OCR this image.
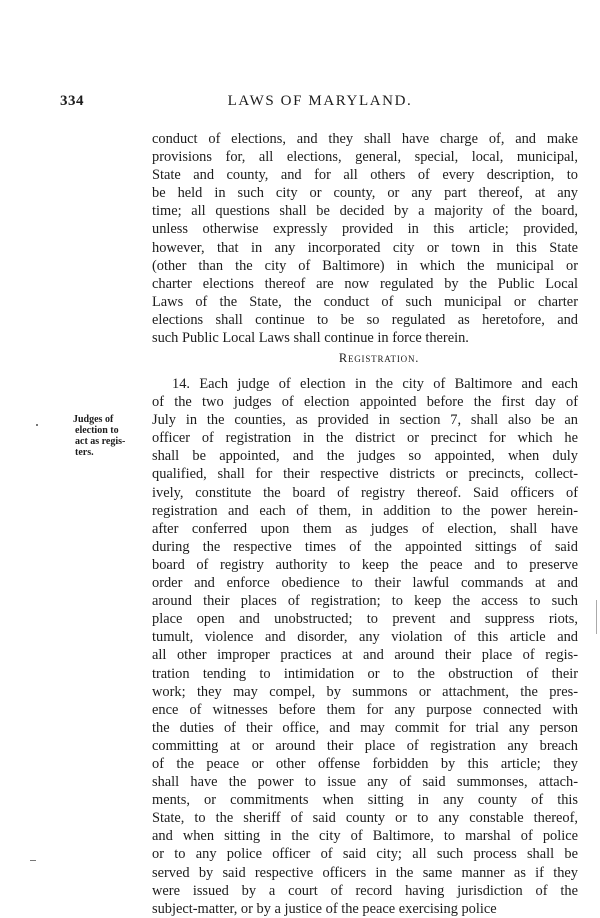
334	LAWS OF MARYLAND.
conduct of elections, and they shall have charge of, and make
provisions for, all elections, general, special, local, municipal,
State and county, and for all others of every description, to
be held in such city or county, or any part thereof, at any
time; all questions shall be decided by a majority of the board,
unless otherwise expressly provided in this article; provided,
however, that in any incorporated city or town in this State
(other than the city of Baltimore) in which the municipal or
charter elections thereof are now regulated by the Public Local
Laws of the State, the conduct of such municipal or charter
elections shall continue to be so regulated as heretofore, and
such Public Local Laws shall continue in force therein.
Registration.
Judges of
election to
act as regis-
ters.
14. Each judge of election in the city of Baltimore and each
of the two judges of election appointed before the first day of
July in the counties, as provided in section 7, shall also be an
officer of registration in the district or precinct for which he
shall be appointed, and the judges so appointed, when duly
qualified, shall for their respective districts or precincts, collect-
ively, constitute the board of registry thereof. Said officers of
registration and each of them, in addition to the power herein-
after conferred upon them as judges of election, shall have
during the respective times of the appointed sittings of said
board of registry authority to keep the peace and to preserve
order and enforce obedience to their lawful commands at and
around their places of registration; to keep the access to such
place open and unobstructed; to prevent and suppress riots,
tumult, violence and disorder, any violation of this article and
all other improper practices at and around their place of regis-
tration tending to intimidation or to the obstruction of their
work; they may compel, by summons or attachment, the pres-
ence of witnesses before them for any purpose connected with
the duties of their office, and may commit for trial any person
committing at or around their place of registration any breach
of the peace or other offense forbidden by this article; they
shall have the power to issue any of said summonses, attach-
ments, or commitments when sitting in any county of this
State, to the sheriff of said county or to any constable thereof,
and when sitting in the city of Baltimore, to marshal of police
or to any police officer of said city; all such process shall be
served by said respective officers in the same manner as if they
were issued by a court of record having jurisdiction of the
subject-matter, or by a justice of the peace exercising police
